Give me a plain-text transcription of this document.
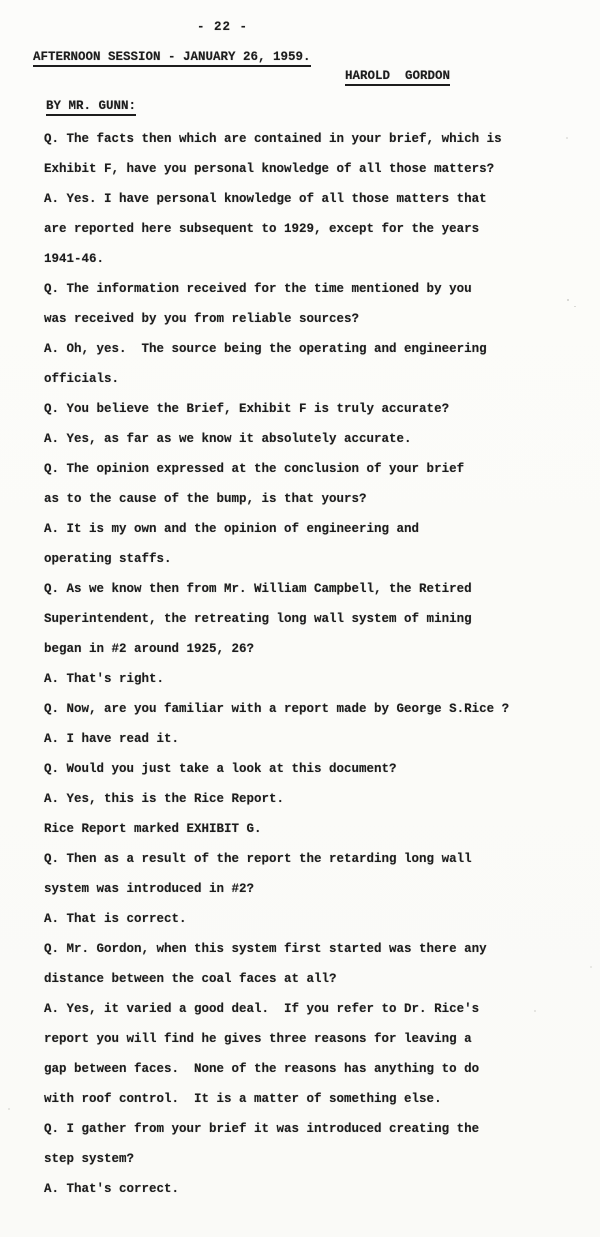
- 22 -
AFTERNOON SESSION - JANUARY 26, 1959.
HAROLD  GORDON
BY MR. GUNN:
Q. The facts then which are contained in your brief, which is
Exhibit F, have you personal knowledge of all those matters?
A. Yes. I have personal knowledge of all those matters that
are reported here subsequent to 1929, except for the years
1941-46.
Q. The information received for the time mentioned by you
was received by you from reliable sources?
A. Oh, yes.  The source being the operating and engineering
officials.
Q. You believe the Brief, Exhibit F is truly accurate?
A. Yes, as far as we know it absolutely accurate.
Q. The opinion expressed at the conclusion of your brief
as to the cause of the bump, is that yours?
A. It is my own and the opinion of engineering and
operating staffs.
Q. As we know then from Mr. William Campbell, the Retired
Superintendent, the retreating long wall system of mining
began in #2 around 1925, 26?
A. That's right.
Q. Now, are you familiar with a report made by George S.Rice ?
A. I have read it.
Q. Would you just take a look at this document?
A. Yes, this is the Rice Report.
Rice Report marked EXHIBIT G.
Q. Then as a result of the report the retarding long wall
system was introduced in #2?
A. That is correct.
Q. Mr. Gordon, when this system first started was there any
distance between the coal faces at all?
A. Yes, it varied a good deal.  If you refer to Dr. Rice's
report you will find he gives three reasons for leaving a
gap between faces.  None of the reasons has anything to do
with roof control.  It is a matter of something else.
Q. I gather from your brief it was introduced creating the
step system?
A. That's correct.
